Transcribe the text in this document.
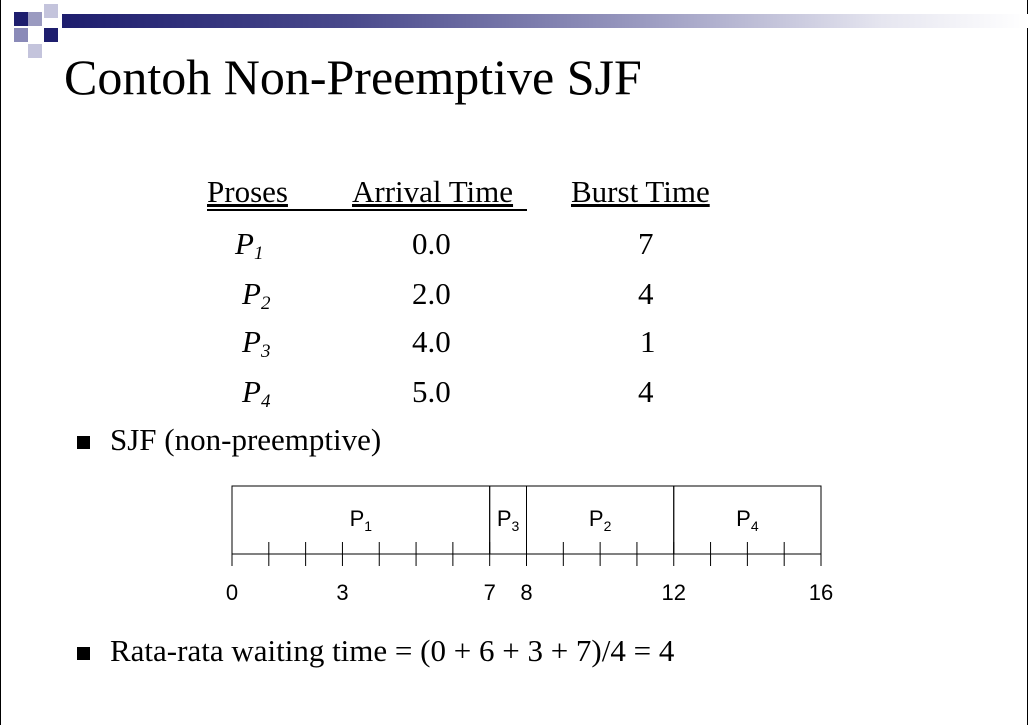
Contoh Non-Preemptive SJF
Proses Arrival Time Burst Time
$P_1$	0.0	7
$P_2$	2.0	4
$P_3$	4.0	1
$P_4$	5.0	4
SJF (non-preemptive)
Rata-rata waiting time = (0 + 6 + 3 + 7)/4 = 4
$P_1$	$P_3$	$P_2$	$P_4$
0	3	7 8	12	16
